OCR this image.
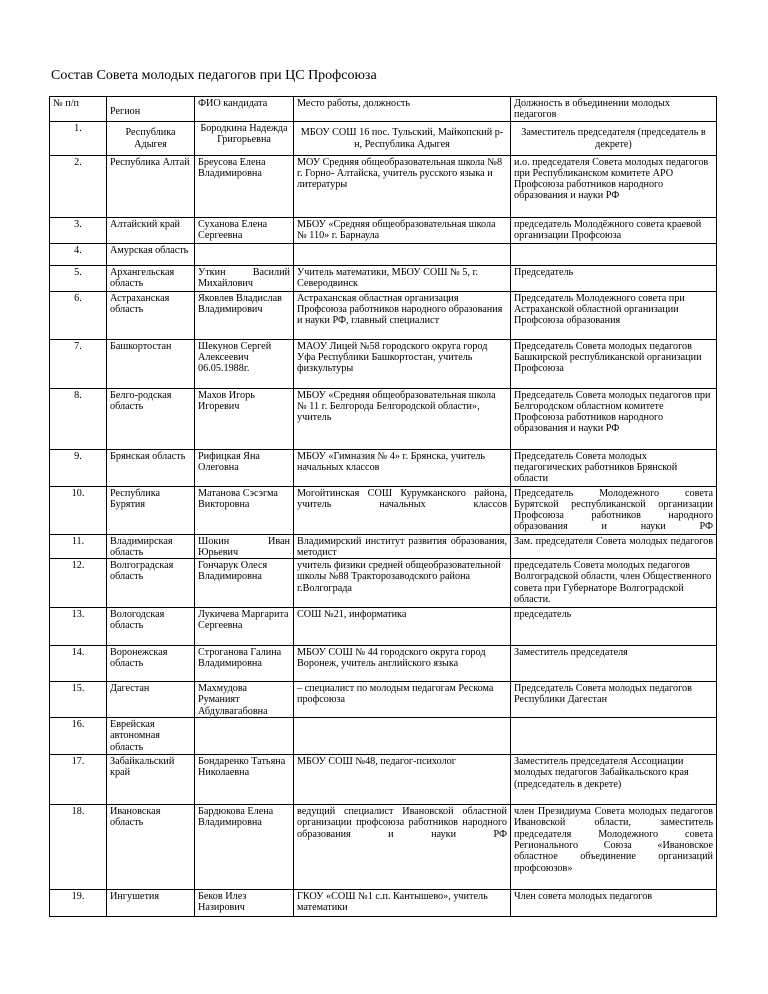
Состав Совета молодых педагогов при ЦС Профсоюза
№ п/п	Регион	ФИО кандидата	Место работы, должность	Должность в объединении молодых педагогов
1.	Республика Адыгея	Бородкина Надежда Григорьевна	МБОУ СОШ 16 пос. Тульский, Майкопский р-н, Республика Адыгея	Заместитель председателя (председатель в декрете)
2.	Республика Алтай	Бреусова Елена Владимировна	МОУ Средняя общеобразовательная школа №8 г. Горно- Алтайска, учитель русского языка и литературы	и.о. председателя Совета молодых педагогов при Республиканском комитете АРО Профсоюза работников народного образования и науки РФ
3.	Алтайский край	Суханова Елена Сергеевна	МБОУ «Средняя общеобразовательная школа № 110» г. Барнаула	председатель Молодёжного совета краевой организации Профсоюза
4.	Амурская область			
5.	Архангельская область	Уткин Василий Михайлович	Учитель математики, МБОУ СОШ № 5, г. Северодвинск	Председатель
6.	Астраханская область	Яковлев Владислав Владимирович	Астраханская областная организация Профсоюза работников народного образования и науки РФ, главный специалист	Председатель Молодежного совета при Астраханской областной организации Профсоюза образования
7.	Башкортостан	Шекунов Сергей Алексеевич 06.05.1988г.	МАОУ Лицей №58 городского округа город Уфа Республики Башкортостан, учитель физкультуры	Председатель Совета молодых педагогов Башкирской республиканской организации Профсоюза
8.	Белго-родская область	Махов Игорь Игоревич	МБОУ «Средняя общеобразовательная школа № 11 г. Белгорода Белгородской области», учитель	Председатель Совета молодых педагогов при Белгородском областном комитете Профсоюза работников народного образования и науки РФ
9.	Брянская область	Рифицкая Яна Олеговна	МБОУ «Гимназия № 4» г. Брянска, учитель начальных классов	Председатель Совета молодых педагогических работников Брянской области
10.	Республика Бурятия	Матанова Сэсэгма Викторовна	Могойтинская СОШ Курумканского района, учитель начальных классов	Председатель Молодежного совета Бурятской республиканской организации Профсоюза работников народного образования и науки РФ
11.	Владимирская область	Шокин Иван Юрьевич	Владимирский институт развития образования, методист	Зам. председателя Совета молодых педагогов
12.	Волгоградская область	Гончарук Олеся Владимировна	учитель физики средней общеобразовательной школы №88 Тракторозаводского района г.Волгограда	председатель Совета молодых педагогов Волгоградской области, член Общественного совета при Губернаторе Волгоградской области.
13.	Вологодская область	Лукичева Маргарита Сергеевна	СОШ №21, информатика	председатель
14.	Воронежская область	Строганова Галина Владимировна	МБОУ СОШ № 44 городского округа город Воронеж, учитель английского языка	Заместитель председателя
15.	Дагестан	Махмудова Руманият Абдулвагабовна	– специалист по молодым педагогам Рескома профсоюза	Председатель Совета молодых педагогов Республики Дагестан
16.	Еврейская автономная область			
17.	Забайкальский край	Бондаренко Татьяна Николаевна	МБОУ СОШ №48, педагог-психолог	Заместитель председателя Ассоциации молодых педагогов Забайкальского края (председатель в декрете)
18.	Ивановская область	Бардюкова Елена Владимировна	ведущий специалист Ивановской областной организации профсоюза работников народного образования и науки РФ	член Президиума Совета молодых педагогов Ивановской области, заместитель председателя Молодежного совета Регионального Союза «Ивановское областное объединение организаций профсоюзов»
19.	Ингушетия	Беков Илез Назирович	ГКОУ «СОШ №1 с.п. Кантышево», учитель математики	Член совета молодых педагогов
